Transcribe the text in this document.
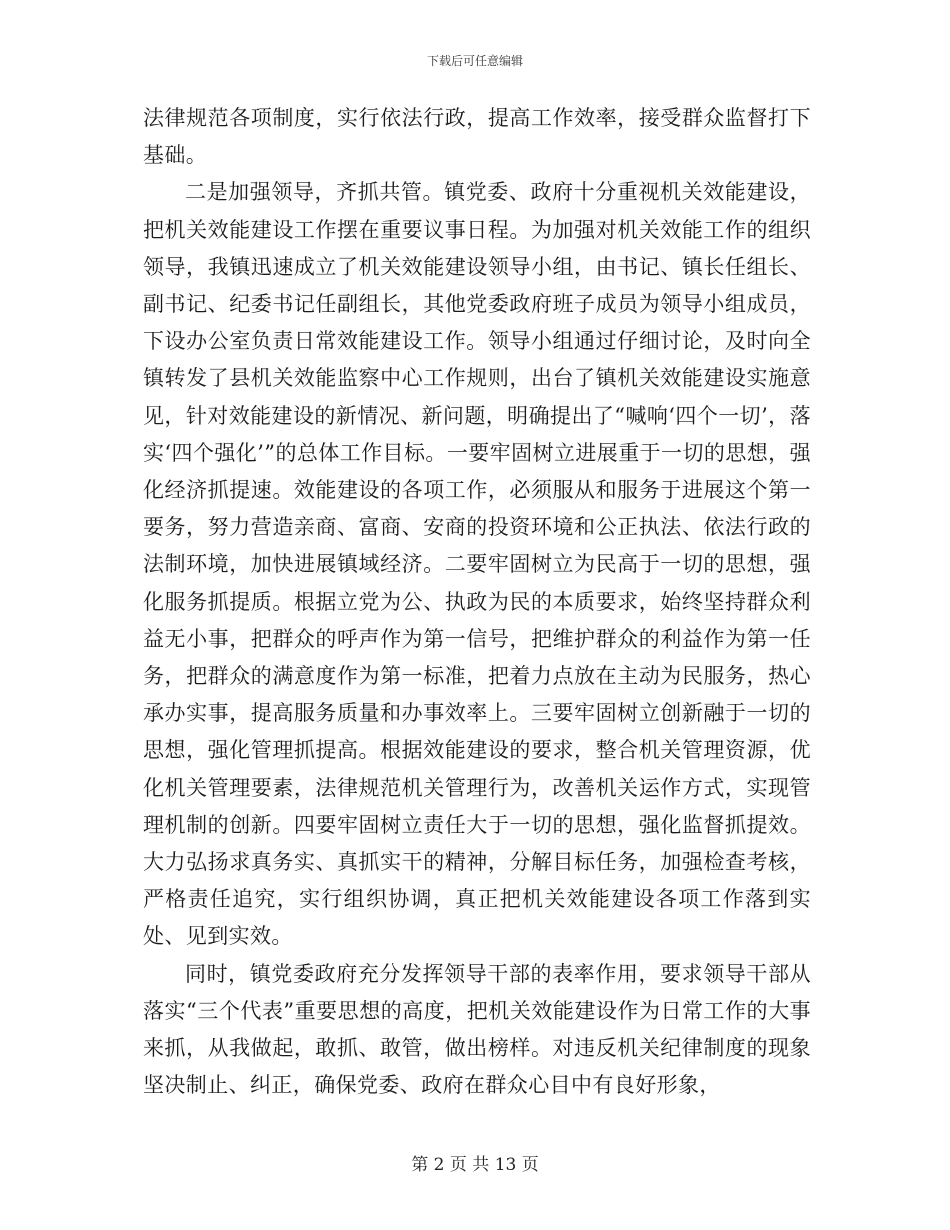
下载后可任意编辑

法律规范各项制度，实行依法行政，提高工作效率，接受群众监督打下基础。

二是加强领导，齐抓共管。镇党委、政府十分重视机关效能建设，把机关效能建设工作摆在重要议事日程。为加强对机关效能工作的组织领导，我镇迅速成立了机关效能建设领导小组，由书记、镇长任组长、副书记、纪委书记任副组长，其他党委政府班子成员为领导小组成员，下设办公室负责日常效能建设工作。领导小组通过仔细讨论，及时向全镇转发了县机关效能监察中心工作规则，出台了镇机关效能建设实施意见，针对效能建设的新情况、新问题，明确提出了“喊响‘四个一切’，落实‘四个强化’”的总体工作目标。一要牢固树立进展重于一切的思想，强化经济抓提速。效能建设的各项工作，必须服从和服务于进展这个第一要务，努力营造亲商、富商、安商的投资环境和公正执法、依法行政的法制环境，加快进展镇域经济。二要牢固树立为民高于一切的思想，强化服务抓提质。根据立党为公、执政为民的本质要求，始终坚持群众利益无小事，把群众的呼声作为第一信号，把维护群众的利益作为第一任务，把群众的满意度作为第一标准，把着力点放在主动为民服务，热心承办实事，提高服务质量和办事效率上。三要牢固树立创新融于一切的思想，强化管理抓提高。根据效能建设的要求，整合机关管理资源，优化机关管理要素，法律规范机关管理行为，改善机关运作方式，实现管理机制的创新。四要牢固树立责任大于一切的思想，强化监督抓提效。大力弘扬求真务实、真抓实干的精神，分解目标任务，加强检查考核，严格责任追究，实行组织协调，真正把机关效能建设各项工作落到实处、见到实效。

同时，镇党委政府充分发挥领导干部的表率作用，要求领导干部从落实“三个代表”重要思想的高度，把机关效能建设作为日常工作的大事来抓，从我做起，敢抓、敢管，做出榜样。对违反机关纪律制度的现象坚决制止、纠正，确保党委、政府在群众心目中有良好形象，

第 2 页 共 13 页
